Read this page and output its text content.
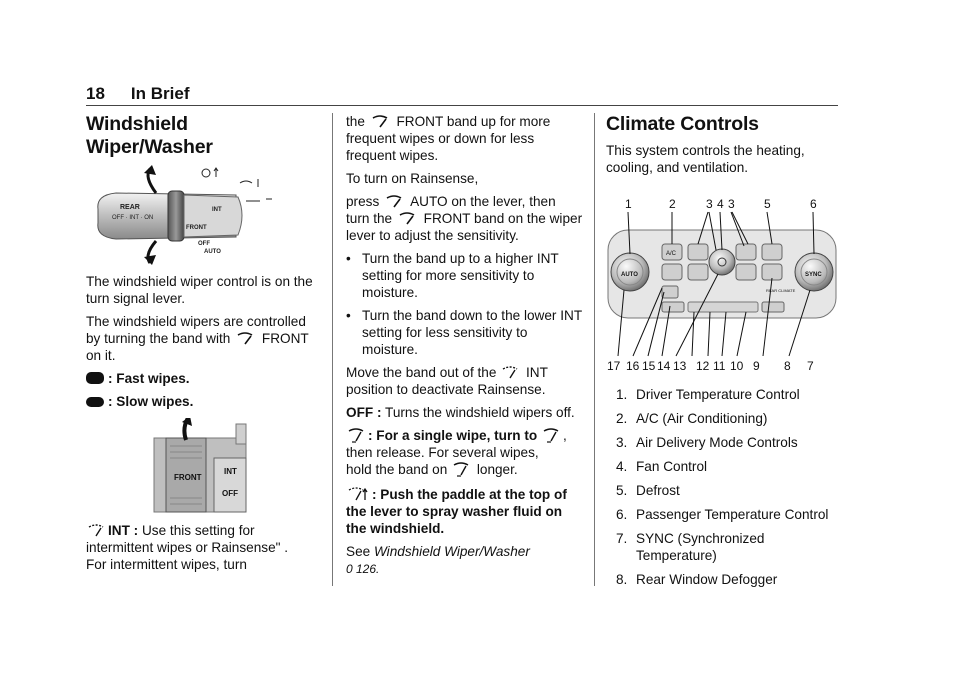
18 In Brief
Windshield Wiper/Washer
REAR
OFF · INT · ON
FRONT
INT
OFF
AUTO

The windshield wiper control is on the turn signal lever.

The windshield wipers are controlled by turning the band with FRONT on it.

: Fast wipes.

: Slow wipes.

FRONT
INT
OFF

INT : Use this setting for intermittent wipes or Rainsense" .
For intermittent wipes, turn

the FRONT band up for more frequent wipes or down for less frequent wipes.

To turn on Rainsense,

press AUTO on the lever, then
turn the FRONT band on the wiper lever to adjust the sensitivity.

• Turn the band up to a higher INT setting for more sensitivity to moisture.
• Turn the band down to the lower INT setting for less sensitivity to moisture.

Move the band out of the INT position to deactivate Rainsense.

OFF : Turns the windshield wipers off.

: For a single wipe, turn to , then release. For several wipes,
hold the band on longer.

: Push the paddle at the top of the lever to spray washer fluid on the windshield.

See Windshield Wiper/Washer
0 126.

Climate Controls

This system controls the heating, cooling, and ventilation.

1	2	3 4 3 5	6
AUTO	SYNC
A/C
REAR CLIMATE
17 16 15 14 13 12 11 10 9 8 7
1. Driver Temperature Control
2. A/C (Air Conditioning)
3. Air Delivery Mode Controls
4. Fan Control
5. Defrost
6. Passenger Temperature Control
7. SYNC (Synchronized Temperature)
8. Rear Window Defogger
